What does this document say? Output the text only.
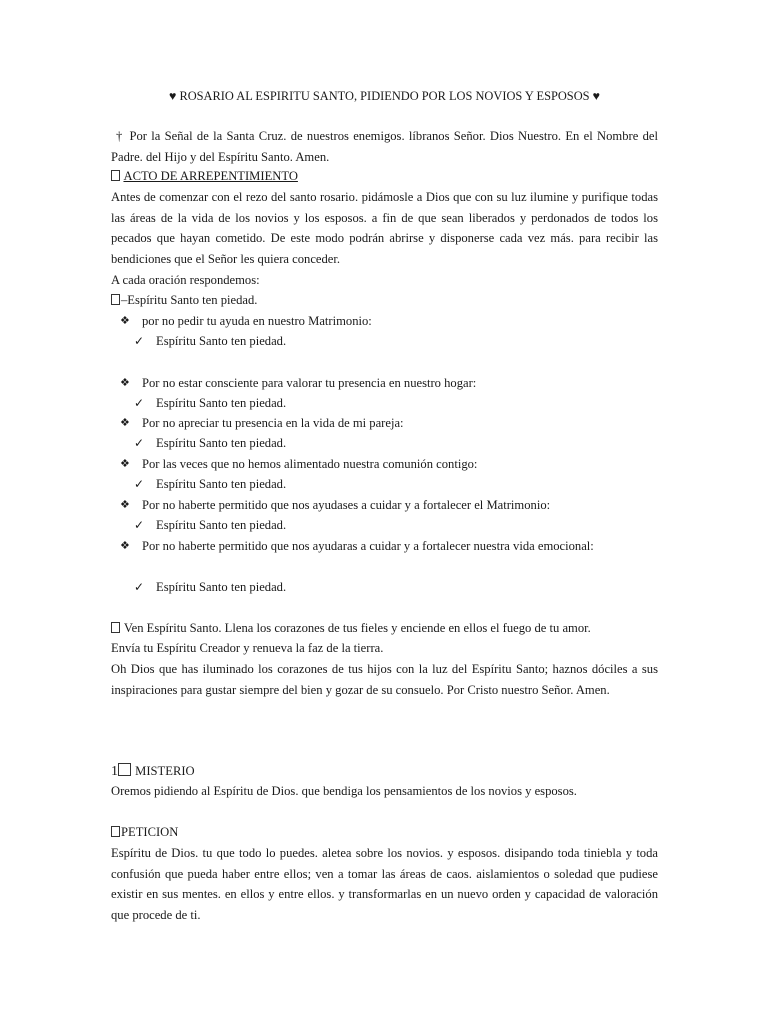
♥ ROSARIO AL ESPIRITU SANTO, PIDIENDO POR LOS NOVIOS Y ESPOSOS ♥

† Por la Señal de la Santa Cruz. de nuestros enemigos. líbranos Señor. Dios Nuestro. En el Nombre del Padre. del Hijo y del Espíritu Santo. Amen.

ACTO DE ARREPENTIMIENTO

Antes de comenzar con el rezo del santo rosario. pidámosle a Dios que con su luz ilumine y purifique todas las áreas de la vida de los novios y los esposos. a fin de que sean liberados y perdonados de todos los pecados que hayan cometido. De este modo podrán abrirse y disponerse cada vez más. para recibir las bendiciones que el Señor les quiera conceder.

A cada oración respondemos:
–Espíritu Santo ten piedad.
❖ por no pedir tu ayuda en nuestro Matrimonio:
✓ Espíritu Santo ten piedad.
❖ Por no estar consciente para valorar tu presencia en nuestro hogar:
✓ Espíritu Santo ten piedad.
❖ Por no apreciar tu presencia en la vida de mi pareja:
✓ Espíritu Santo ten piedad.
❖ Por las veces que no hemos alimentado nuestra comunión contigo:
✓ Espíritu Santo ten piedad.
❖ Por no haberte permitido que nos ayudases a cuidar y a fortalecer el Matrimonio:
✓ Espíritu Santo ten piedad.
❖ Por no haberte permitido que nos ayudaras a cuidar y a fortalecer nuestra vida emocional:
✓ Espíritu Santo ten piedad.
Ven Espíritu Santo. Llena los corazones de tus fieles y enciende en ellos el fuego de tu amor.
Envía tu Espíritu Creador y renueva la faz de la tierra.

Oh Dios que has iluminado los corazones de tus hijos con la luz del Espíritu Santo; haznos dóciles a sus inspiraciones para gustar siempre del bien y gozar de su consuelo. Por Cristo nuestro Señor. Amen.

1 MISTERIO
Oremos pidiendo al Espíritu de Dios. que bendiga los pensamientos de los novios y esposos.
PETICION

Espíritu de Dios. tu que todo lo puedes. aletea sobre los novios. y esposos. disipando toda tiniebla y toda confusión que pueda haber entre ellos; ven a tomar las áreas de caos. aislamientos o soledad que pudiese existir en sus mentes. en ellos y entre ellos. y transformarlas en un nuevo orden y capacidad de valoración que procede de ti.
